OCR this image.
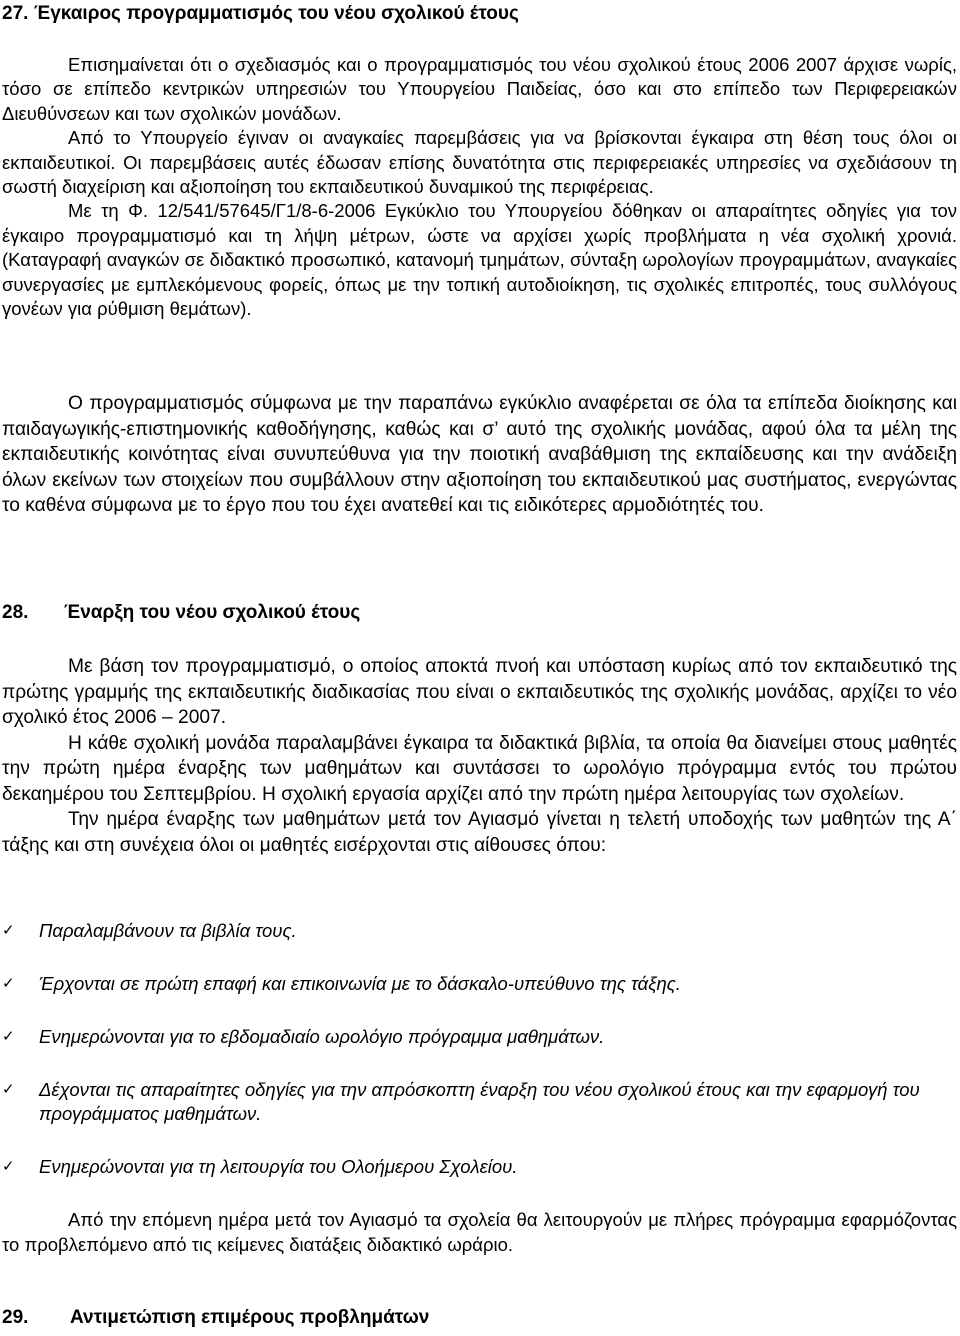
27. Έγκαιρος προγραμματισμός του νέου σχολικού έτους

Επισημαίνεται ότι ο σχεδιασμός και ο προγραμματισμός του νέου σχολικού έτους 2006 2007 άρχισε νωρίς, τόσο σε επίπεδο κεντρικών υπηρεσιών του Υπουργείου Παιδείας, όσο και στο επίπεδο των Περιφερειακών Διευθύνσεων και των σχολικών μονάδων.

Από το Υπουργείο έγιναν οι αναγκαίες παρεμβάσεις για να βρίσκονται έγκαιρα στη θέση τους όλοι οι εκπαιδευτικοί. Οι παρεμβάσεις αυτές έδωσαν επίσης δυνατότητα στις περιφερειακές υπηρεσίες να σχεδιάσουν τη σωστή διαχείριση και αξιοποίηση του εκπαιδευτικού δυναμικού της περιφέρειας.

Με τη Φ. 12/541/57645/Γ1/8-6-2006 Εγκύκλιο του Υπουργείου δόθηκαν οι απαραίτητες οδηγίες για τον έγκαιρο προγραμματισμό και τη λήψη μέτρων, ώστε να αρχίσει χωρίς προβλήματα η νέα σχολική χρονιά. (Καταγραφή αναγκών σε διδακτικό προσωπικό, κατανομή τμημάτων, σύνταξη ωρολογίων προγραμμάτων, αναγκαίες συνεργασίες με εμπλεκόμενους φορείς, όπως με την τοπική αυτοδιοίκηση, τις σχολικές επιτροπές, τους συλλόγους γονέων για ρύθμιση θεμάτων).

Ο προγραμματισμός σύμφωνα με την παραπάνω εγκύκλιο αναφέρεται σε όλα τα επίπεδα διοίκησης και παιδαγωγικής-επιστημονικής καθοδήγησης, καθώς και σ’ αυτό της σχολικής μονάδας, αφού όλα τα μέλη της εκπαιδευτικής κοινότητας είναι συνυπεύθυνα για την ποιοτική αναβάθμιση της εκπαίδευσης και την ανάδειξη όλων εκείνων των στοιχείων που συμβάλλουν στην αξιοποίηση του εκπαιδευτικού μας συστήματος, ενεργώντας το καθένα σύμφωνα με το έργο που του έχει ανατεθεί και τις ειδικότερες αρμοδιότητές του.

28. Έναρξη του νέου σχολικού έτους

Με βάση τον προγραμματισμό, ο οποίος αποκτά πνοή και υπόσταση κυρίως από τον εκπαιδευτικό της πρώτης γραμμής της εκπαιδευτικής διαδικασίας που είναι ο εκπαιδευτικός της σχολικής μονάδας, αρχίζει το νέο σχολικό έτος 2006 – 2007.

Η κάθε σχολική μονάδα παραλαμβάνει έγκαιρα τα διδακτικά βιβλία, τα οποία θα διανείμει στους μαθητές την πρώτη ημέρα έναρξης των μαθημάτων και συντάσσει το ωρολόγιο πρόγραμμα εντός του πρώτου δεκαημέρου του Σεπτεμβρίου. Η σχολική εργασία αρχίζει από την πρώτη ημέρα λειτουργίας των σχολείων.

Την ημέρα έναρξης των μαθημάτων μετά τον Αγιασμό γίνεται η τελετή υποδοχής των μαθητών της Α΄ τάξης και στη συνέχεια όλοι οι μαθητές εισέρχονται στις αίθουσες όπου:

✓	Παραλαμβάνουν τα βιβλία τους.
✓	Έρχονται σε πρώτη επαφή και επικοινωνία με το δάσκαλο-υπεύθυνο της τάξης.
✓	Ενημερώνονται για το εβδομαδιαίο ωρολόγιο πρόγραμμα μαθημάτων.
✓	Δέχονται τις απαραίτητες οδηγίες για την απρόσκοπτη έναρξη του νέου σχολικού έτους και την εφαρμογή του προγράμματος μαθημάτων.
✓	Ενημερώνονται για τη λειτουργία του Ολοήμερου Σχολείου.

Από την επόμενη ημέρα μετά τον Αγιασμό τα σχολεία θα λειτουργούν με πλήρες πρόγραμμα εφαρμόζοντας το προβλεπόμενο από τις κείμενες διατάξεις διδακτικό ωράριο.

29. Αντιμετώπιση επιμέρους προβλημάτων
